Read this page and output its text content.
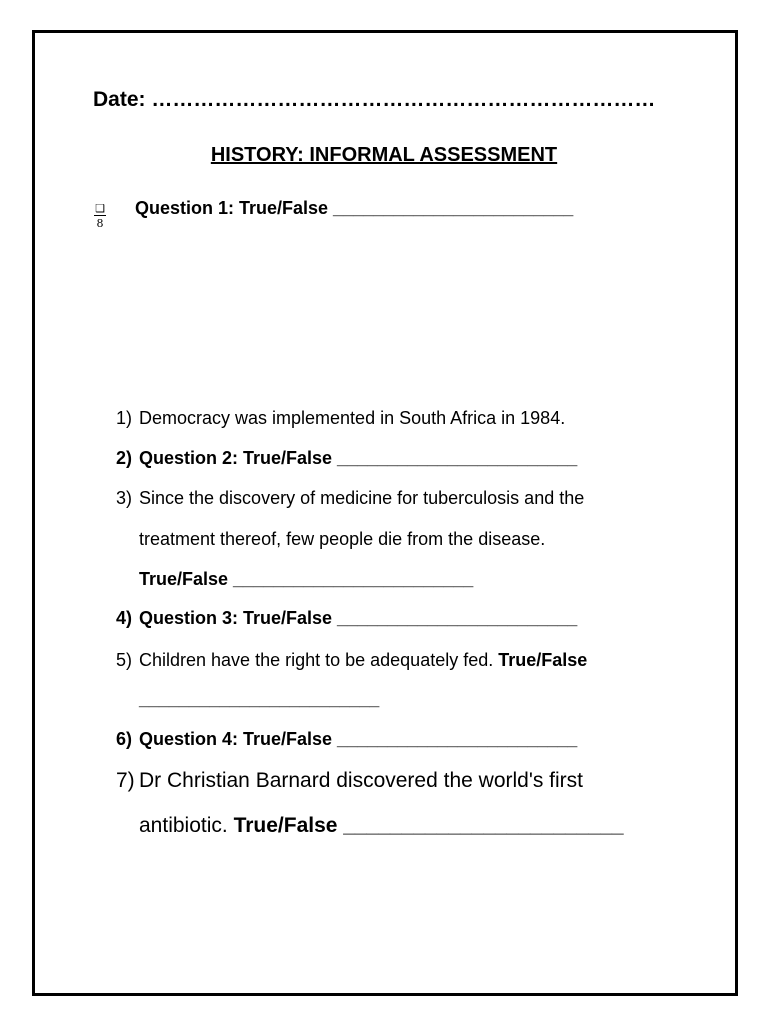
Date: ………………………………………………………………
HISTORY: INFORMAL ASSESSMENT
❑
8
Question 1: True/False ________________________
1) Democracy was implemented in South Africa in 1984.
2) Question 2: True/False ________________________
3) Since the discovery of medicine for tuberculosis and the
treatment thereof, few people die from the disease.
True/False ________________________
4) Question 3: True/False ________________________
5) Children have the right to be adequately fed. True/False
________________________
6) Question 4: True/False ________________________
7) Dr Christian Barnard discovered the world's first
antibiotic. True/False ________________________
